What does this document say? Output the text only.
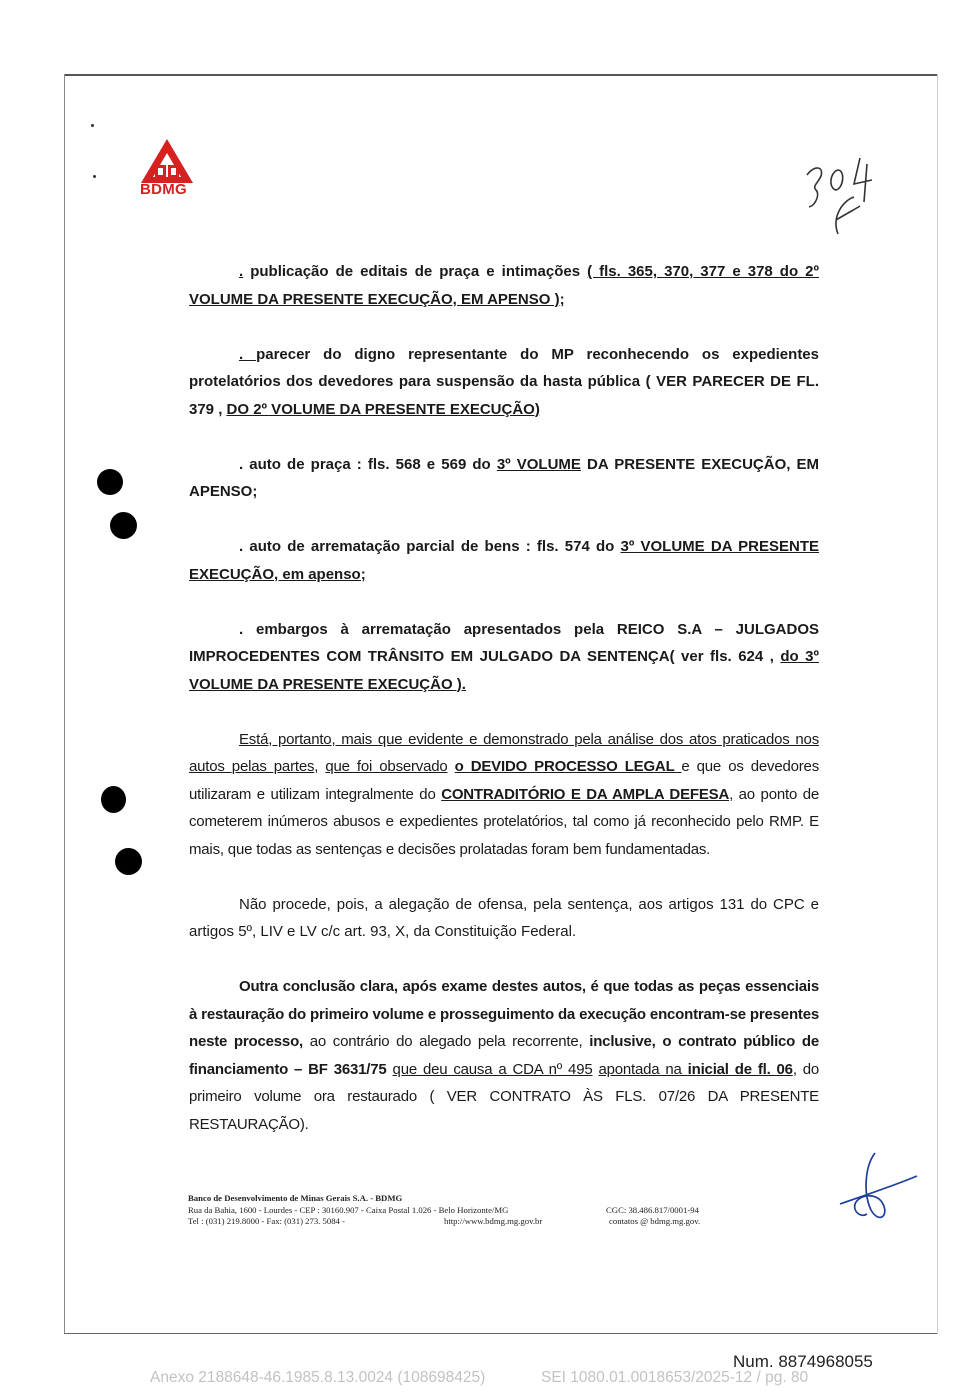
BDMG

. publicação de editais de praça e intimações ( fls. 365, 370, 377 e 378 do 2º VOLUME DA PRESENTE EXECUÇÃO, EM APENSO );

. parecer do digno representante do MP reconhecendo os expedientes protelatórios dos devedores para suspensão da hasta pública ( VER PARECER DE FL. 379 , DO 2º VOLUME DA PRESENTE EXECUÇÃO)

. auto de praça : fls. 568 e 569 do 3º VOLUME DA PRESENTE EXECUÇÃO, EM APENSO;

. auto de arrematação parcial de bens : fls. 574 do 3º VOLUME DA PRESENTE EXECUÇÃO, em apenso;

. embargos à arrematação apresentados pela REICO S.A – JULGADOS IMPROCEDENTES COM TRÂNSITO EM JULGADO DA SENTENÇA( ver fls. 624 , do 3º VOLUME DA PRESENTE EXECUÇÃO ).

Está, portanto, mais que evidente e demonstrado pela análise dos atos praticados nos autos pelas partes, que foi observado o DEVIDO PROCESSO LEGAL e que os devedores utilizaram e utilizam integralmente do CONTRADITÓRIO E DA AMPLA DEFESA, ao ponto de cometerem inúmeros abusos e expedientes protelatórios, tal como já reconhecido pelo RMP. E mais, que todas as sentenças e decisões prolatadas foram bem fundamentadas.

Não procede, pois, a alegação de ofensa, pela sentença, aos artigos 131 do CPC e artigos 5º, LIV e LV c/c art. 93, X, da Constituição Federal.

Outra conclusão clara, após exame destes autos, é que todas as peças essenciais à restauração do primeiro volume e prosseguimento da execução encontram-se presentes neste processo, ao contrário do alegado pela recorrente, inclusive, o contrato público de financiamento – BF 3631/75 que deu causa a CDA nº 495 apontada na inicial de fl. 06, do primeiro volume ora restaurado ( VER CONTRATO ÀS FLS. 07/26 DA PRESENTE RESTAURAÇÃO).

Banco de Desenvolvimento de Minas Gerais S.A. - BDMG
Rua da Bahia, 1600 - Lourdes - CEP : 30160.907 - Caixa Postal 1.026 - Belo Horizonte/MG	CGC: 38.486.817/0001-94
Tel : (031) 219.8000 - Fax: (031) 273. 5084 -	http://www.bdmg.mg.gov.br	contatos @ bdmg.mg.gov.
Num. 8874968055
Anexo 2188648-46.1985.8.13.0024 (108698425)	SEI 1080.01.0018653/2025-12 / pg. 80
